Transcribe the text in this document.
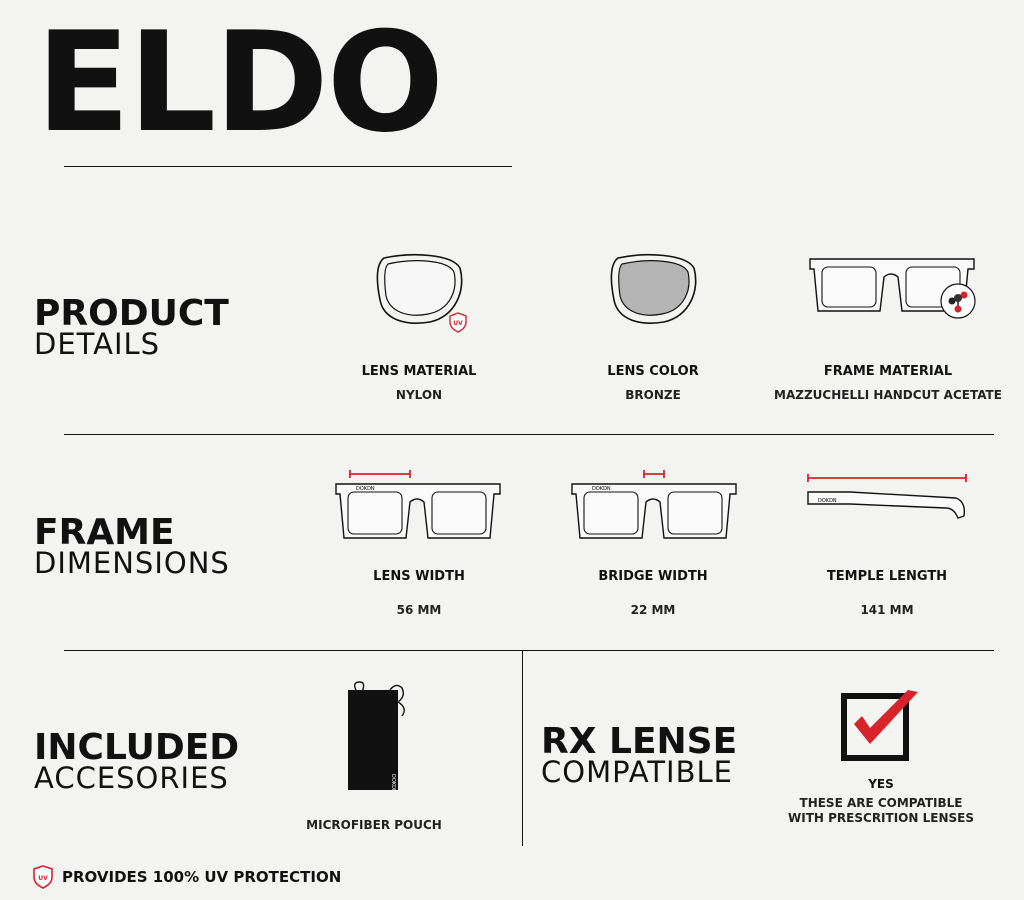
ELDO
PRODUCT
DETAILS
UV
LENS MATERIAL
NYLON
LENS COLOR
BRONZE
FRAME MATERIAL
MAZZUCHELLI HANDCUT ACETATE
FRAME
DIMENSIONS
DOKDN	DOKDN
DOKDN
LENS WIDTH
56 MM
BRIDGE WIDTH
22 MM
TEMPLE LENGTH
141 MM
INCLUDED
ACCESORIES	DOKDN
MICROFIBER POUCH
RX LENSE
COMPATIBLE	YES
THESE ARE COMPATIBLE
WITH PRESCRITION LENSES
UV PROVIDES 100% UV PROTECTION
